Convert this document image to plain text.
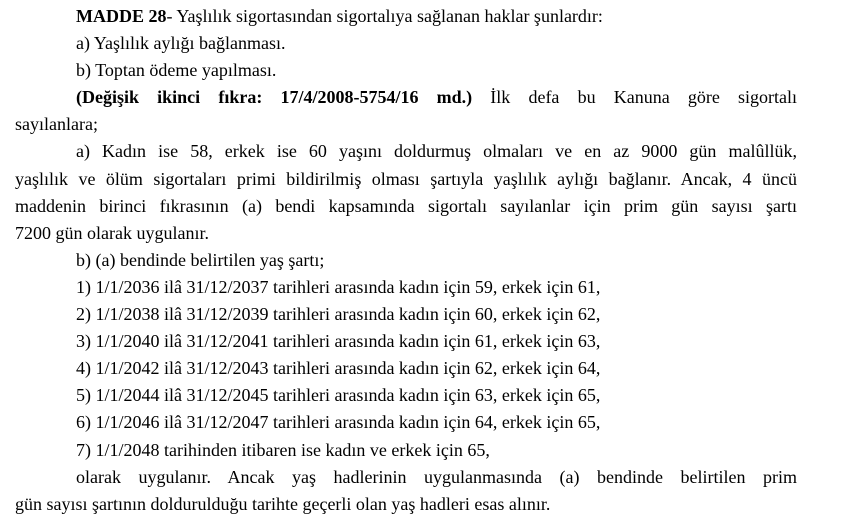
MADDE 28- Yaşlılık sigortasından sigortalıya sağlanan haklar şunlardır:
a) Yaşlılık aylığı bağlanması.
b) Toptan ödeme yapılması.
(Değişik ikinci fıkra: 17/4/2008-5754/16 md.) İlk defa bu Kanuna göre sigortalı
sayılanlara;
a) Kadın ise 58, erkek ise 60 yaşını doldurmuş olmaları ve en az 9000 gün malûllük,
yaşlılık ve ölüm sigortaları primi bildirilmiş olması şartıyla yaşlılık aylığı bağlanır. Ancak, 4 üncü
maddenin birinci fıkrasının (a) bendi kapsamında sigortalı sayılanlar için prim gün sayısı şartı
7200 gün olarak uygulanır.
b) (a) bendinde belirtilen yaş şartı;
1) 1/1/2036 ilâ 31/12/2037 tarihleri arasında kadın için 59, erkek için 61,
2) 1/1/2038 ilâ 31/12/2039 tarihleri arasında kadın için 60, erkek için 62,
3) 1/1/2040 ilâ 31/12/2041 tarihleri arasında kadın için 61, erkek için 63,
4) 1/1/2042 ilâ 31/12/2043 tarihleri arasında kadın için 62, erkek için 64,
5) 1/1/2044 ilâ 31/12/2045 tarihleri arasında kadın için 63, erkek için 65,
6) 1/1/2046 ilâ 31/12/2047 tarihleri arasında kadın için 64, erkek için 65,
7) 1/1/2048 tarihinden itibaren ise kadın ve erkek için 65,
olarak uygulanır. Ancak yaş hadlerinin uygulanmasında (a) bendinde belirtilen prim
gün sayısı şartının doldurulduğu tarihte geçerli olan yaş hadleri esas alınır.
